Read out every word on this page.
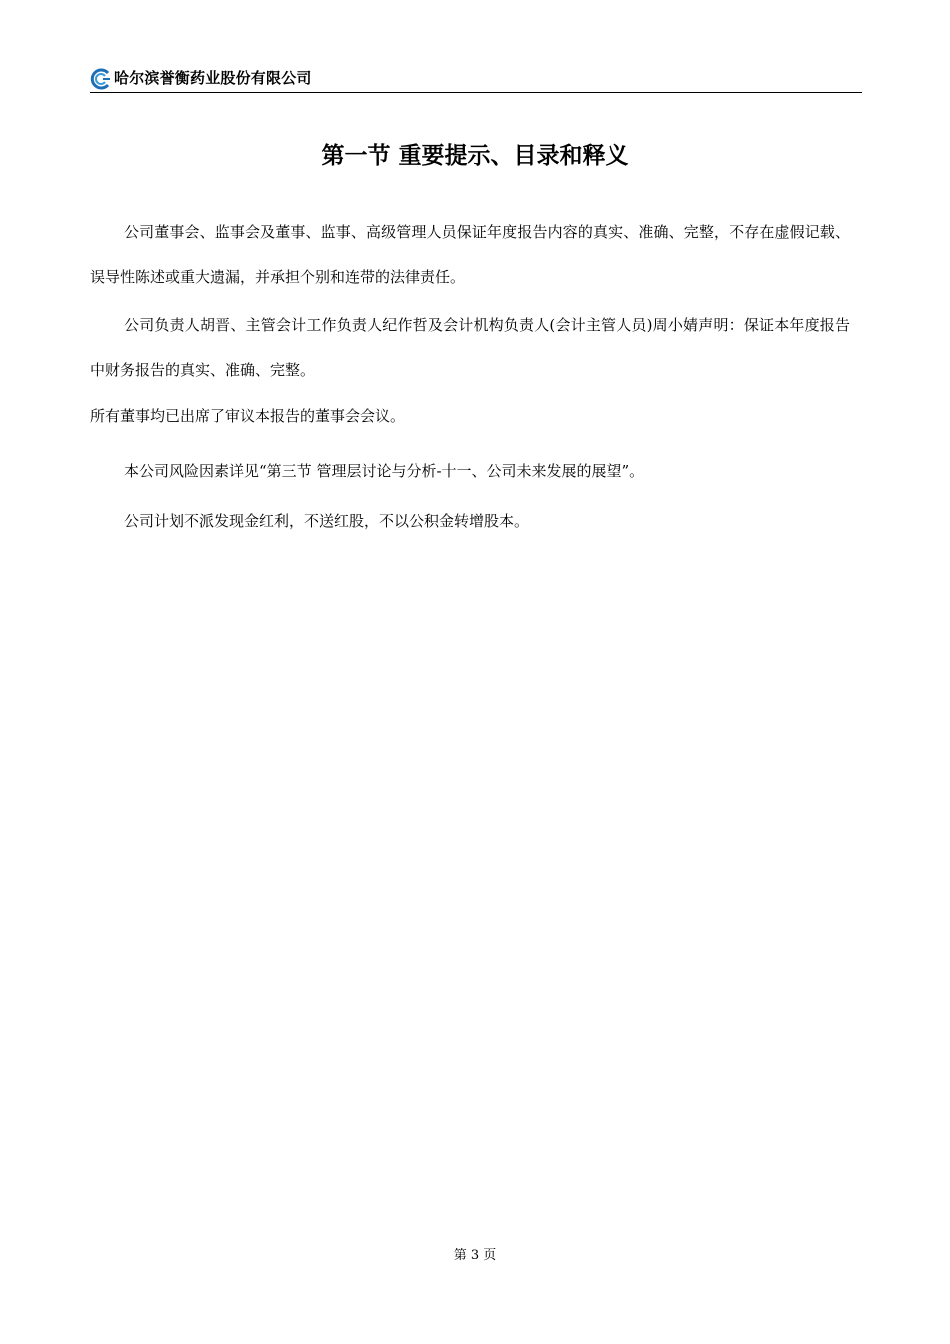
哈尔滨誉衡药业股份有限公司
第一节 重要提示、目录和释义
公司董事会、监事会及董事、监事、高级管理人员保证年度报告内容的真实、准确、完整，不存在虚假记载、误导性陈述或重大遗漏，并承担个别和连带的法律责任。
公司负责人胡晋、主管会计工作负责人纪作哲及会计机构负责人(会计主管人员)周小婧声明：保证本年度报告中财务报告的真实、准确、完整。
所有董事均已出席了审议本报告的董事会会议。
本公司风险因素详见“第三节 管理层讨论与分析-十一、公司未来发展的展望”。
公司计划不派发现金红利，不送红股，不以公积金转增股本。
第 3 页
